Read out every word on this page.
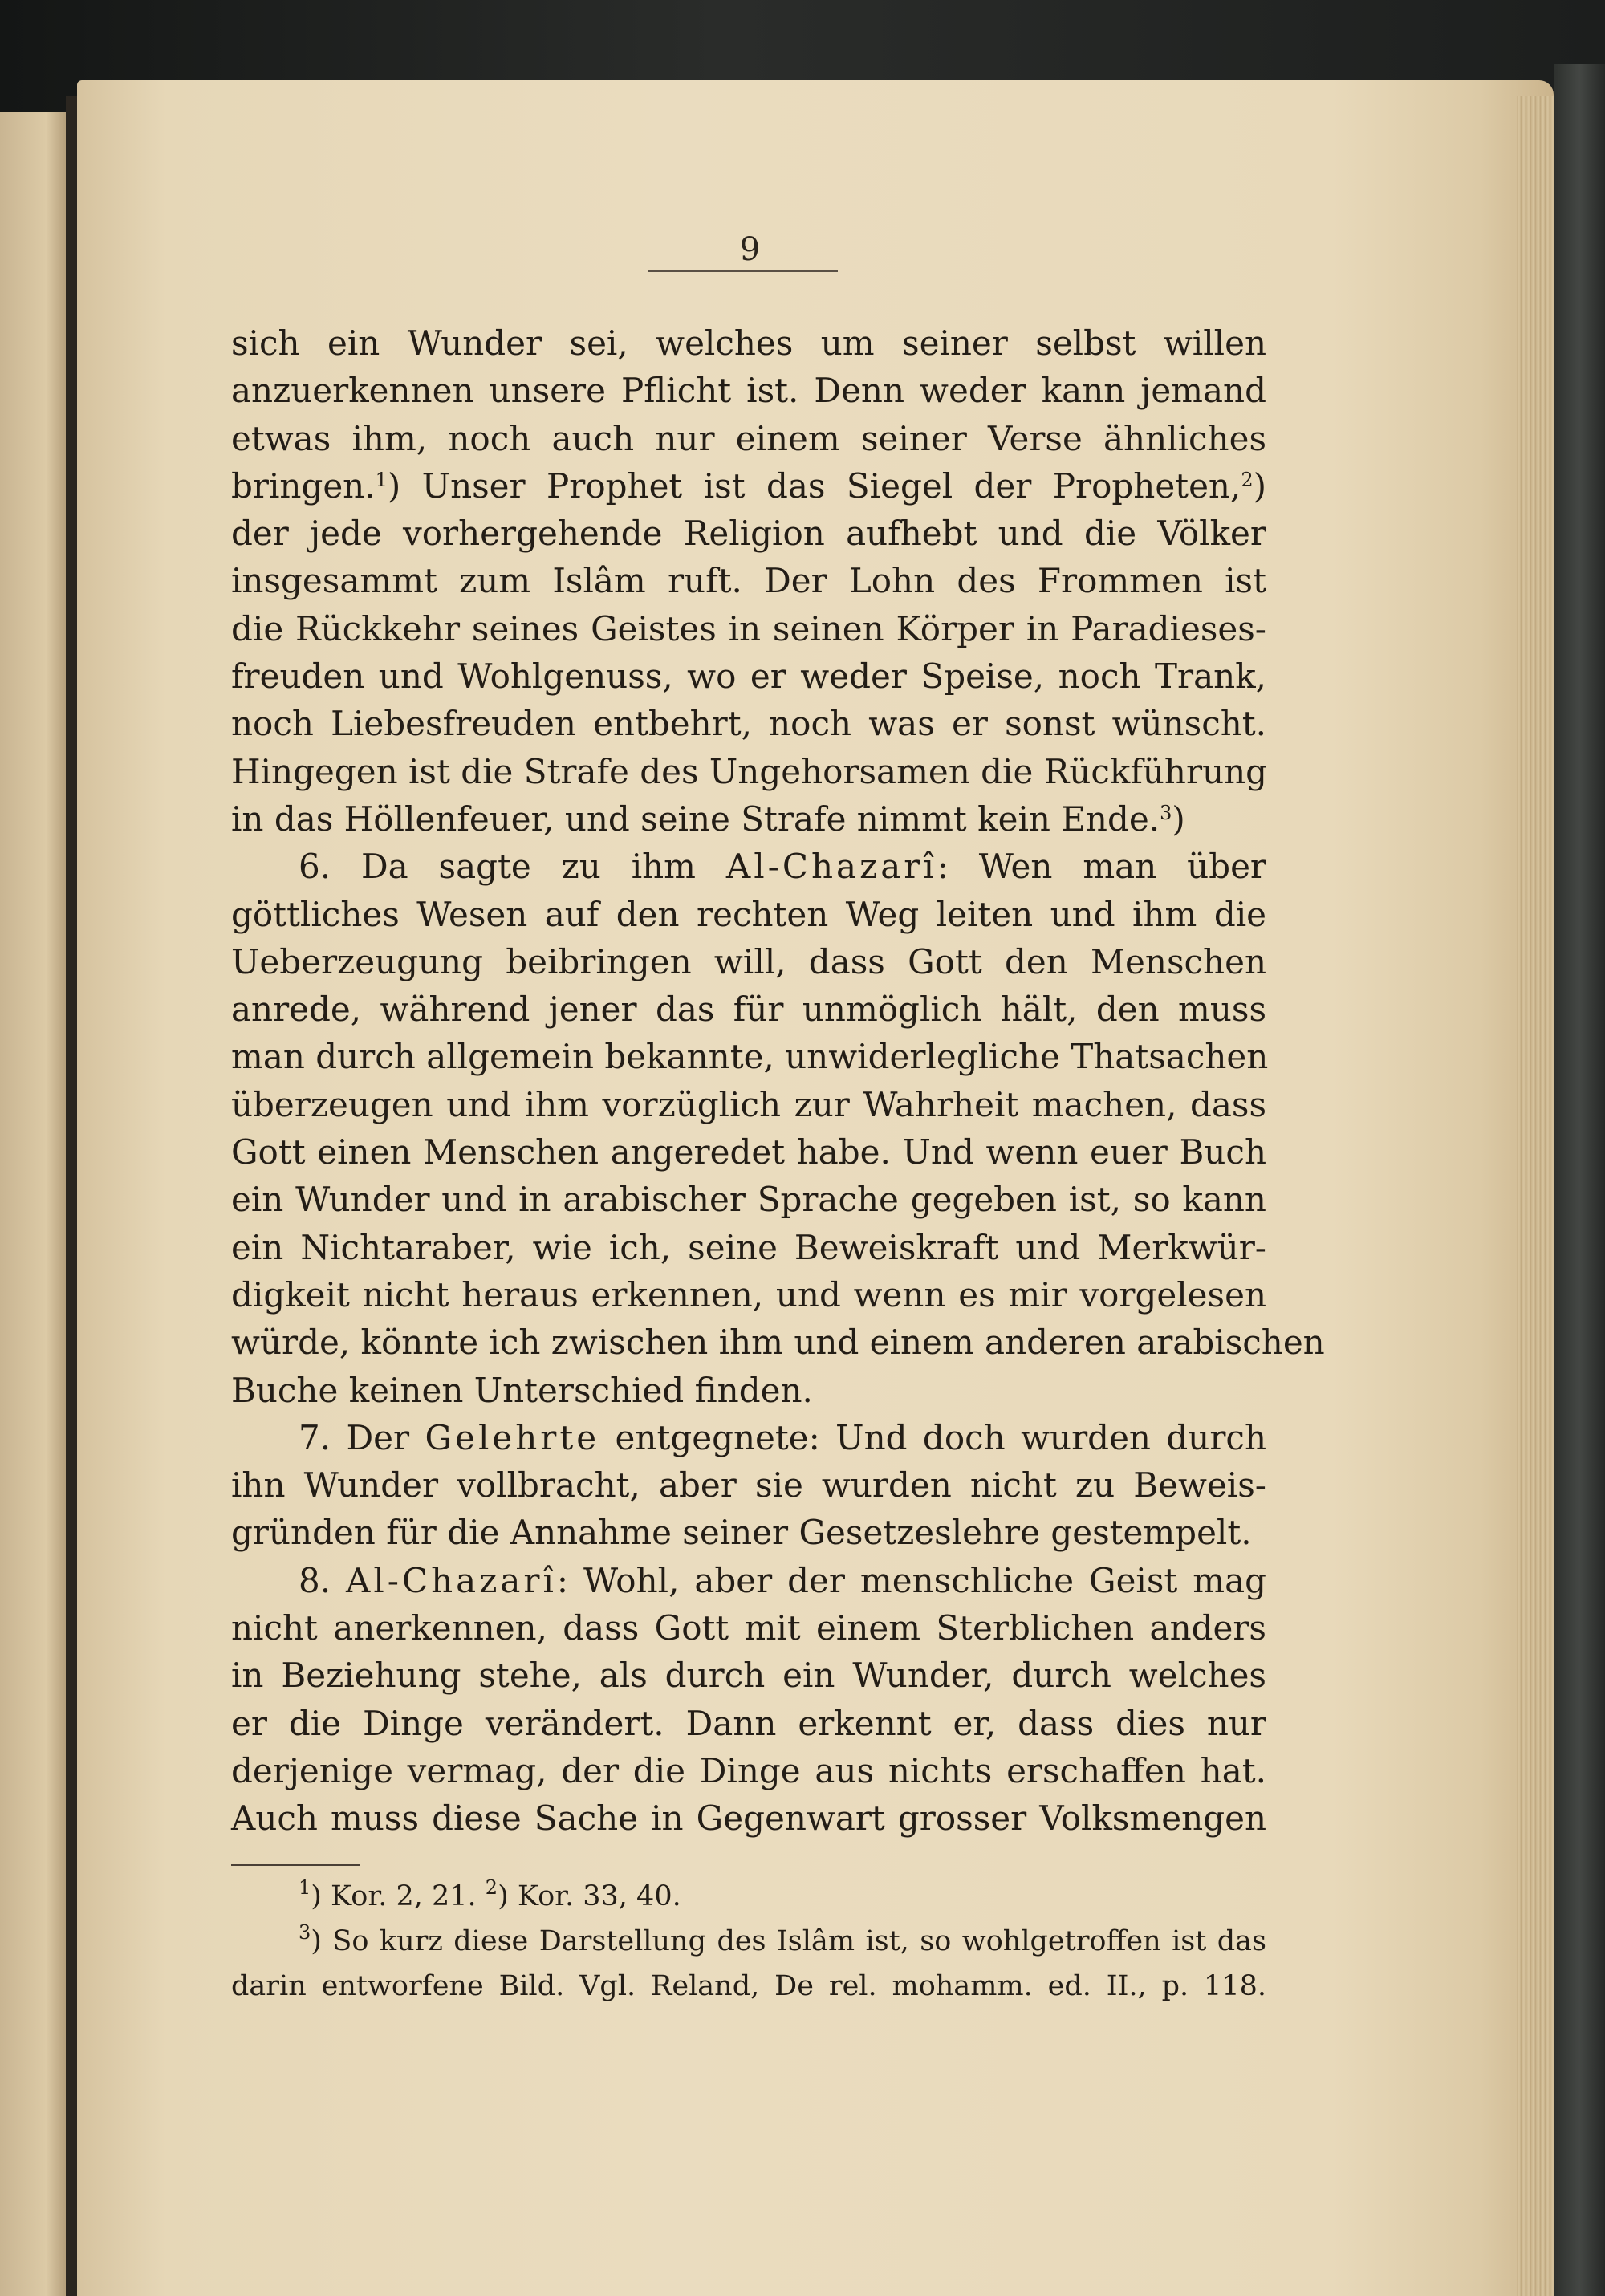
9
sich ein Wunder sei, welches um seiner selbst willen
anzuerkennen unsere Pflicht ist. Denn weder kann jemand
etwas ihm, noch auch nur einem seiner Verse ähnliches
bringen.$^1$) Unser Prophet ist das Siegel der Propheten,$^2$)
der jede vorhergehende Religion aufhebt und die Völker
insgesammt zum Islâm ruft. Der Lohn des Frommen ist
die Rückkehr seines Geistes in seinen Körper in Paradieses-
freuden und Wohlgenuss, wo er weder Speise, noch Trank,
noch Liebesfreuden entbehrt, noch was er sonst wünscht.
Hingegen ist die Strafe des Ungehorsamen die Rückführung
in das Höllenfeuer, und seine Strafe nimmt kein Ende.$^3$)
6. Da sagte zu ihm Al-Chazarî: Wen man über
göttliches Wesen auf den rechten Weg leiten und ihm die
Ueberzeugung beibringen will, dass Gott den Menschen
anrede, während jener das für unmöglich hält, den muss
man durch allgemein bekannte, unwiderlegliche Thatsachen
überzeugen und ihm vorzüglich zur Wahrheit machen, dass
Gott einen Menschen angeredet habe. Und wenn euer Buch
ein Wunder und in arabischer Sprache gegeben ist, so kann
ein Nichtaraber, wie ich, seine Beweiskraft und Merkwür-
digkeit nicht heraus erkennen, und wenn es mir vorgelesen
würde, könnte ich zwischen ihm und einem anderen arabischen
Buche keinen Unterschied finden.
7. Der Gelehrte entgegnete: Und doch wurden durch
ihn Wunder vollbracht, aber sie wurden nicht zu Beweis-
gründen für die Annahme seiner Gesetzeslehre gestempelt.
8. Al-Chazarî: Wohl, aber der menschliche Geist mag
nicht anerkennen, dass Gott mit einem Sterblichen anders
in Beziehung stehe, als durch ein Wunder, durch welches
er die Dinge verändert. Dann erkennt er, dass dies nur
derjenige vermag, der die Dinge aus nichts erschaffen hat.
Auch muss diese Sache in Gegenwart grosser Volksmengen
$^1$) Kor. 2, 21. $^2$) Kor. 33, 40.
$^3$) So kurz diese Darstellung des Islâm ist, so wohlgetroffen ist das
darin entworfene Bild. Vgl. Reland, De rel. mohamm. ed. II., p. 118.
